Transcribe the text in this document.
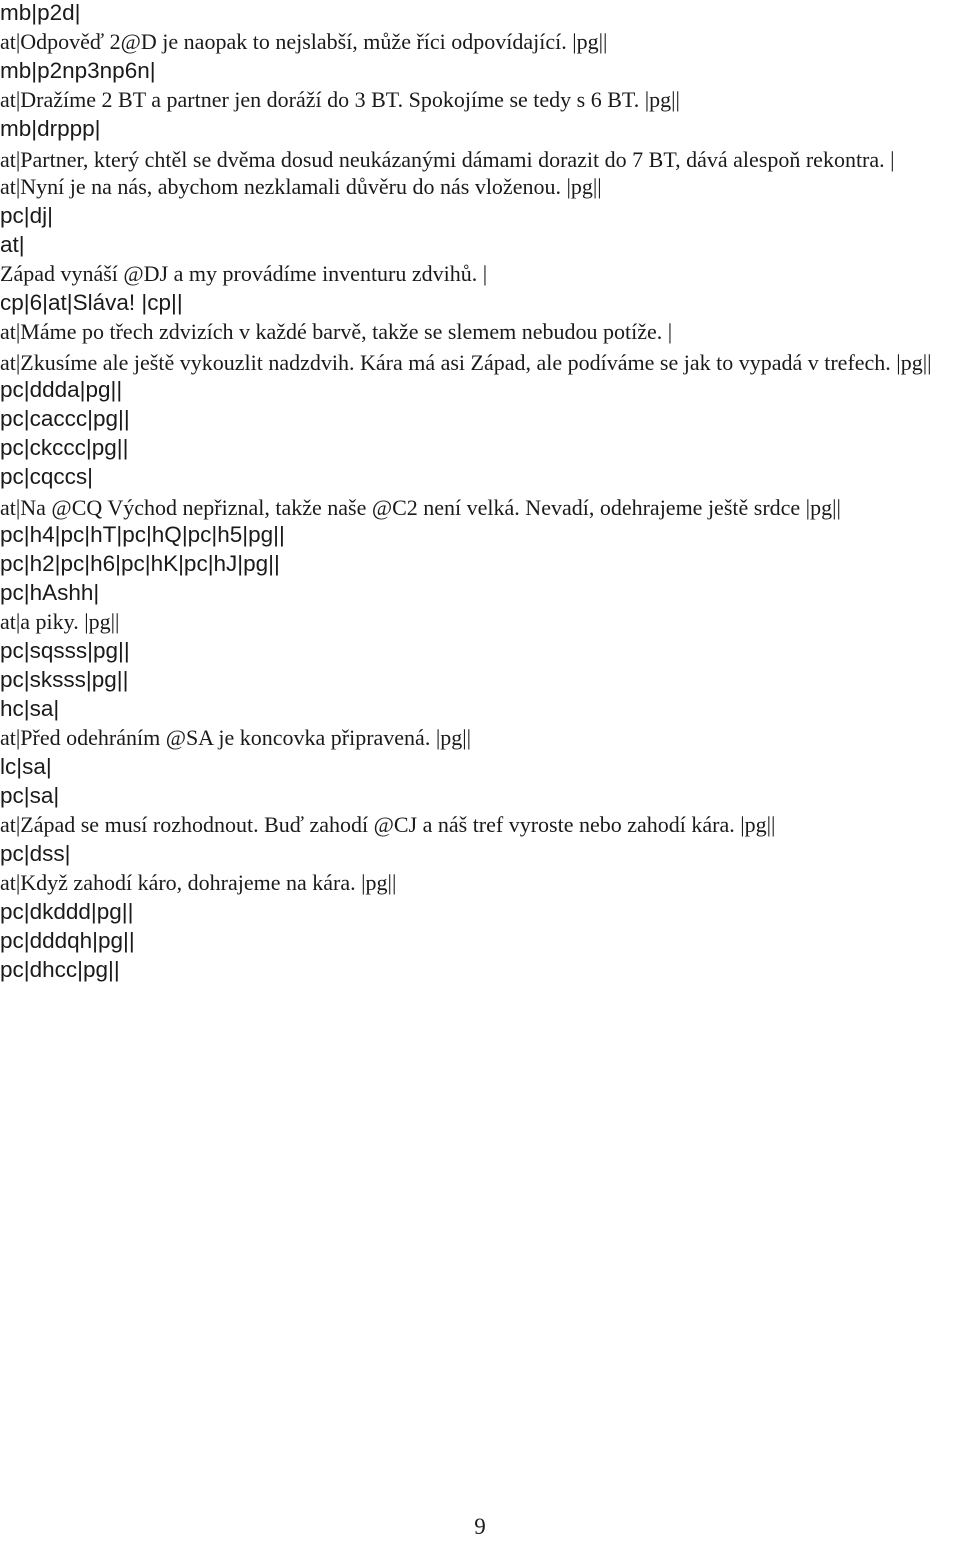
mb|p2d|
at|Odpověď 2@D je naopak to nejslabší, může říci odpovídající. |pg||
mb|p2np3np6n|
at|Dražíme 2 BT a partner jen doráží do 3 BT. Spokojíme se tedy s 6 BT. |pg||
mb|drppp|
at|Partner, který chtěl se dvěma dosud neukázanými dámami dorazit do 7 BT, dává alespoň rekontra. |
at|Nyní je na nás, abychom nezklamali důvěru do nás vloženou. |pg||
pc|dj|
at|
Západ vynáší @DJ a my provádíme inventuru zdvihů. |
cp|6|at|Sláva! |cp||
at|Máme po třech zdvizích v každé barvě, takže se slemem nebudou potíže. |
at|Zkusíme ale ještě vykouzlit nadzdvih. Kára má asi Západ, ale podíváme se jak to vypadá v trefech. |pg||
pc|ddda|pg||
pc|caccc|pg||
pc|ckccc|pg||
pc|cqccs|
at|Na @CQ Východ nepřiznal, takže naše @C2 není velká. Nevadí, odehrajeme ještě srdce |pg||
pc|h4|pc|hT|pc|hQ|pc|h5|pg||
pc|h2|pc|h6|pc|hK|pc|hJ|pg||
pc|hAshh|
at|a piky. |pg||
pc|sqsss|pg||
pc|sksss|pg||
hc|sa|
at|Před odehráním @SA je koncovka připravená. |pg||
lc|sa|
pc|sa|
at|Západ se musí rozhodnout. Buď zahodí @CJ a náš tref vyroste nebo zahodí kára. |pg||
pc|dss|
at|Když zahodí káro, dohrajeme na kára. |pg||
pc|dkddd|pg||
pc|dddqh|pg||
pc|dhcc|pg||
9
